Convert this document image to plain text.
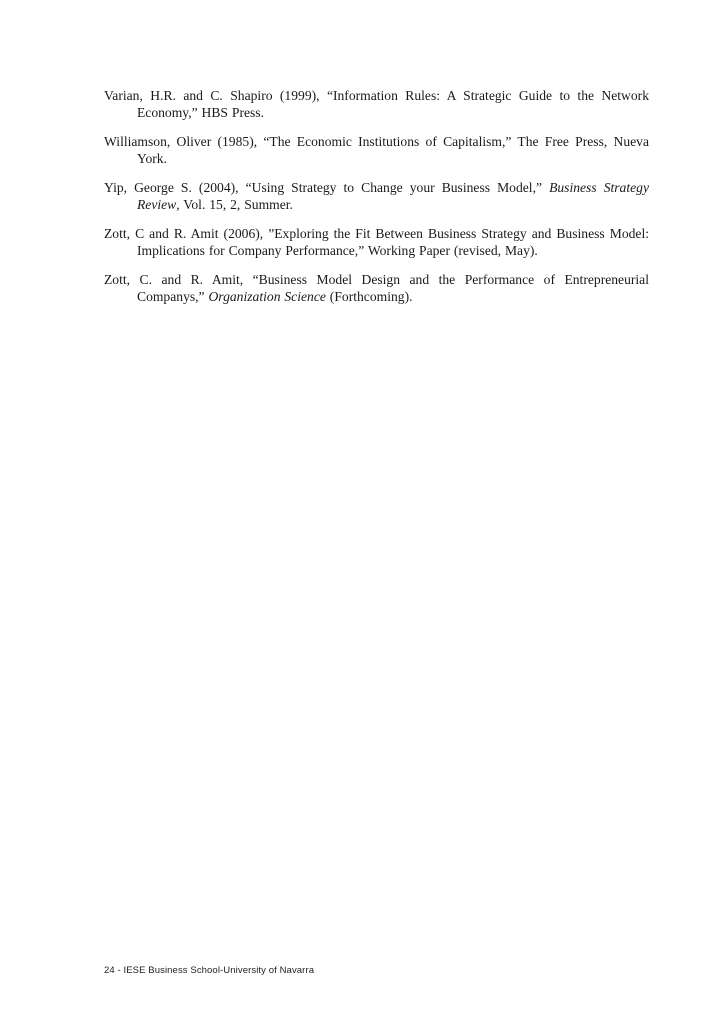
Varian, H.R. and C. Shapiro (1999), “Information Rules: A Strategic Guide to the Network Economy,” HBS Press.

Williamson, Oliver (1985), “The Economic Institutions of Capitalism,” The Free Press, Nueva York.

Yip, George S. (2004), “Using Strategy to Change your Business Model,” Business Strategy Review, Vol. 15, 2, Summer.

Zott, C and R. Amit (2006), ”Exploring the Fit Between Business Strategy and Business Model: Implications for Company Performance,” Working Paper (revised, May).

Zott, C. and R. Amit, “Business Model Design and the Performance of Entrepreneurial Companys,” Organization Science (Forthcoming).

24 - IESE Business School-University of Navarra
